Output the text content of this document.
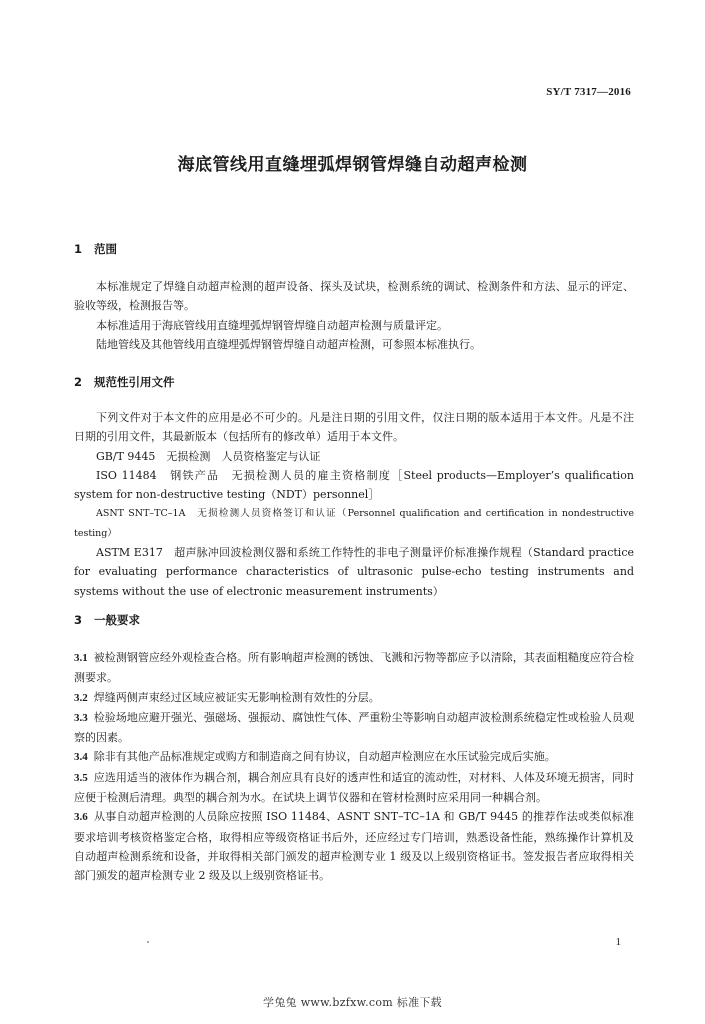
SY/T 7317—2016
海底管线用直缝埋弧焊钢管焊缝自动超声检测
1 范围

本标准规定了焊缝自动超声检测的超声设备、探头及试块，检测系统的调试、检测条件和方法、显示的评定、验收等级，检测报告等。

本标准适用于海底管线用直缝埋弧焊钢管焊缝自动超声检测与质量评定。

陆地管线及其他管线用直缝埋弧焊钢管焊缝自动超声检测，可参照本标准执行。

2 规范性引用文件

下列文件对于本文件的应用是必不可少的。凡是注日期的引用文件，仅注日期的版本适用于本文件。凡是不注日期的引用文件，其最新版本（包括所有的修改单）适用于本文件。

GB/T 9445　无损检测　人员资格鉴定与认证

ISO 11484　钢铁产品　无损检测人员的雇主资格制度［Steel products—Employer’s qualification system for non-destructive testing（NDT）personnel］

ASNT SNT–TC–1A　无损检测人员资格签订和认证（Personnel qualification and certification in nondestructive testing）

ASTM E317　超声脉冲回波检测仪器和系统工作特性的非电子测量评价标准操作规程（Standard practice for evaluating performance characteristics of ultrasonic pulse-echo testing instruments and systems without the use of electronic measurement instruments）

3 一般要求

3.1 被检测钢管应经外观检查合格。所有影响超声检测的锈蚀、飞溅和污物等都应予以清除，其表面粗糙度应符合检测要求。

3.2 焊缝两侧声束经过区域应被证实无影响检测有效性的分层。

3.3 检验场地应避开强光、强磁场、强振动、腐蚀性气体、严重粉尘等影响自动超声波检测系统稳定性或检验人员观察的因素。

3.4 除非有其他产品标准规定或购方和制造商之间有协议，自动超声检测应在水压试验完成后实施。

3.5 应选用适当的液体作为耦合剂，耦合剂应具有良好的透声性和适宜的流动性，对材料、人体及环境无损害，同时应便于检测后清理。典型的耦合剂为水。在试块上调节仪器和在管材检测时应采用同一种耦合剂。

3.6 从事自动超声检测的人员除应按照 ISO 11484、ASNT SNT–TC–1A 和 GB/T 9445 的推荐作法或类似标准要求培训考核资格鉴定合格，取得相应等级资格证书后外，还应经过专门培训，熟悉设备性能，熟练操作计算机及自动超声检测系统和设备，并取得相关部门颁发的超声检测专业 1 级及以上级别资格证书。签发报告者应取得相关部门颁发的超声检测专业 2 级及以上级别资格证书。

1
学兔兔 www.bzfxw.com 标准下载
